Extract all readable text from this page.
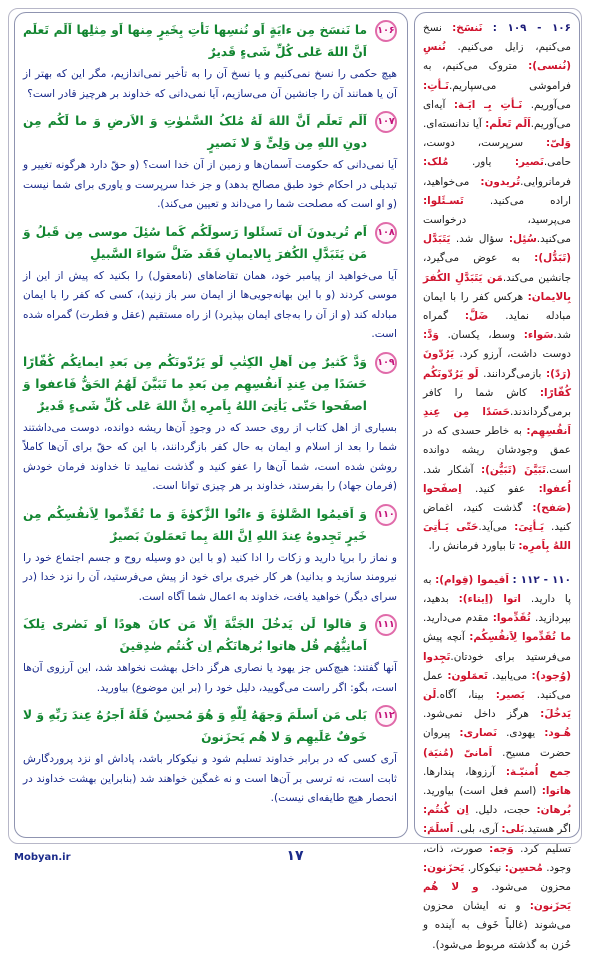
۱۰۶ - ۱۰۹ : نَنسَخ: نسخ می‌کنیم، زایل می‌کنیم. نُنسِ (نُنسی): متروک می‌کنیم، به فراموشی می‌سپاریم.نَـأتِ: می‌آوریم. نَـأتِ بِـ ایَـة: آیه‌ای می‌آوریم.اَلَم تَعلَم: آیا ندانسته‌ای. وَلیّ: سرپرست، دوست، حامی.نَصیر: یاور. مُلک: فرمانروایی.تُریدون: می‌خواهید، اراده می‌کنید. تَسـئَلوا: می‌پرسید، درخواست می‌کنید.سُئِل: سؤال شد. یَتَبَدَّل (تَبَدُّل): به عوض می‌گیرد، جانشین می‌کند.مَن یَتَبَدَّلِ الکُفرَ بِالایمان: هرکس کفر را با ایمان مبادله نماید. ضَلَّ: گمراه شد.سَواء: وسط، یکسان. وَدَّ: دوست داشت، آرزو کرد. یَرُدّونَ (رَدّ): بازمی‌گردانند. لَو یَرُدّونَکُم کُفّارًا: کاش شما را کافر برمی‌گرداندند.حَسَدًا مِن عِندِ اَنفُسِهِم: به خاطر حسدی که در عمق وجودشان ریشه دوانده است.تَبَیَّنَ (تَبَیُّن): آشکار شد. اُعفوا: عفو کنید. اِصفَحوا (صَفح): گذشت کنید، اغماض کنید. یَـأتِیَ: می‌آید.حَتّی یَـأتِیَ اللهُ بِاَمرِه: تا بیاورد فرمانش را.

۱۱۰ - ۱۱۲ : اَقیموا (قِوام): به پا دارید. اتوا (اِیتاء): بدهید، بپردازید. تُقَدِّموا: مقدم می‌دارید. ما تُقَدِّموا لِاَنفُسِکُم: آنچه پیش می‌فرستید برای خودتان.تَجِدوا (وُجود): می‌یابید. تَعمَلون: عمل می‌کنید. بَصیر: بینا، آگاه.لَن یَدخُلَ: هرگز داخل نمی‌شود. هُـود: یهودی. نَصاری: پیروان حضرت مسیح. اَمانیّ (مُنیَة) جمع اُمنیّـة: آرزوها، پندارها. هاتوا: (اسم فعل است) بیاورید. بُرهان: حجت، دلیل. اِن کُنتُم: اگر هستید.بَلی: آری، بلی. اَسلَمَ: تسلیم کرد. وَجه: صورت، ذات، وجود. مُحسِن: نیکوکار. یَحزَنون: محزون می‌شود. و لا هُم یَحزَنون: و نه ایشان محزون می‌شوند (غالباً خَوف به آینده و حُزن به گذشته مربوط می‌شود).

۱۰۶
ما نَنسَخ مِن ءایَةٍ اَو نُنسِها نَأتِ بِخَیرٍ مِنها اَو مِثلِها اَلَم تَعلَم اَنَّ اللهَ عَلی کُلِّ شَیءٍ قَدیرٌ
هیچ حکمی را نسخ نمی‌کنیم و یا نسخ آن را به تأخیر نمی‌اندازیم، مگر این که بهتر از آن یا همانند آن را جانشین آن می‌سازیم، آیا نمی‌دانی که خداوند بر هرچیز قادر است؟
۱۰۷
اَلَم تَعلَم اَنَّ اللهَ لَهُ مُلکُ السَّمٰوٰتِ وَ الاَرضِ وَ ما لَکُم مِن دونِ اللهِ مِن وَلِیٍّ وَ لا نَصیرٍ
آیا نمی‌دانی که حکومت آسمان‌ها و زمین از آن خدا است؟ (و حقّ دارد هرگونه تغییر و تبدیلی در احکام خود طبق مصالح بدهد) و جز خدا سرپرست و یاوری برای شما نیست (و او است که مصلحت شما را می‌داند و تعیین می‌کند).
۱۰۸
اَم تُریدونَ اَن تَسئَلوا رَسولَکُم کَما سُئِلَ موسی مِن قَبلُ وَ مَن یَتَبَدَّلِ الکُفرَ بِالایمانِ فَقَد ضَلَّ سَواءَ السَّبیلِ
آیا می‌خواهید از پیامبر خود، همان تقاضاهای (نامعقول) را بکنید که پیش از این از موسی کردند (و با این بهانه‌جویی‌ها از ایمان سر باز زنید)، کسی که کفر را با ایمان مبادله کند (و از آن را به‌جای ایمان بپذیرد) از راه مستقیم (عقل و فطرت) گمراه شده است.
۱۰۹
وَدَّ کَثیرٌ مِن اَهلِ الکِتٰبِ لَو یَرُدّونَکُم مِن بَعدِ ایمانِکُم کُفّارًا حَسَدًا مِن عِندِ اَنفُسِهِم مِن بَعدِ ما تَبَیَّنَ لَهُمُ الحَقُّ فَاعفوا وَ اصفَحوا حَتّی یَأتِیَ اللهُ بِاَمرِه اِنَّ اللهَ عَلی کُلِّ شَیءٍ قَدیرٌ
بسیاری از اهل کتاب از روی حسد که در وجودِ آن‌ها ریشه دوانده، دوست می‌داشتند شما را بعد از اسلام و ایمان به حال کفر بازگردانند، با این که حقّ برای آن‌ها کاملاً روشن شده است، شما آن‌ها را عفو کنید و گذشت نمایید تا خداوند فرمان خودش (فرمان جهاد) را بفرستد، خداوند بر هر چیزی توانا است.
۱۱۰
وَ اَقیمُوا الصَّلوٰةَ وَ ءاتُوا الزَّکوٰةَ وَ ما تُقَدِّموا لِاَنفُسِکُم مِن خَیرٍ تَجِدوهُ عِندَ اللهِ اِنَّ اللهَ بِما تَعمَلونَ بَصیرٌ
و نماز را برپا دارید و زکات را ادا کنید (و با این دو وسیله روح و جسم اجتماع خود را نیرومند سازید و بدانید) هر کار خیری برای خود از پیش می‌فرستید، آن را نزد خدا (در سرای دیگر) خواهید یافت، خداوند به اعمال شما آگاه است.
۱۱۱
وَ قالوا لَن یَدخُلَ الجَنَّةَ اِلّا مَن کانَ هودًا اَو نَصٰری تِلکَ اَمانِیُّهُم قُل هاتوا بُرهانَکُم اِن کُنتُم صٰدِقینَ
آنها گفتند: هیچ‌کس جز یهود یا نصاری هرگز داخل بهشت نخواهد شد، این آرزوی آن‌ها است، بگو: اگر راست می‌گویید، دلیل خود را (بر این موضوع) بیاورید.
۱۱۲
بَلی مَن اَسلَمَ وَجهَهُ لِلّهِ وَ هُوَ مُحسِنٌ فَلَهُ اَجرُهُ عِندَ رَبِّهِ وَ لا خَوفٌ عَلَیهِم وَ لا هُم یَحزَنونَ
آری کسی که در برابر خداوند تسلیم شود و نیکوکار باشد، پاداش او نزد پروردگارش ثابت است، نه ترسی بر آن‌ها است و نه غمگین خواهند شد (بنابراین بهشت خداوند در انحصار هیچ طایفه‌ای نیست).
Mobyan.ir	۱۷
